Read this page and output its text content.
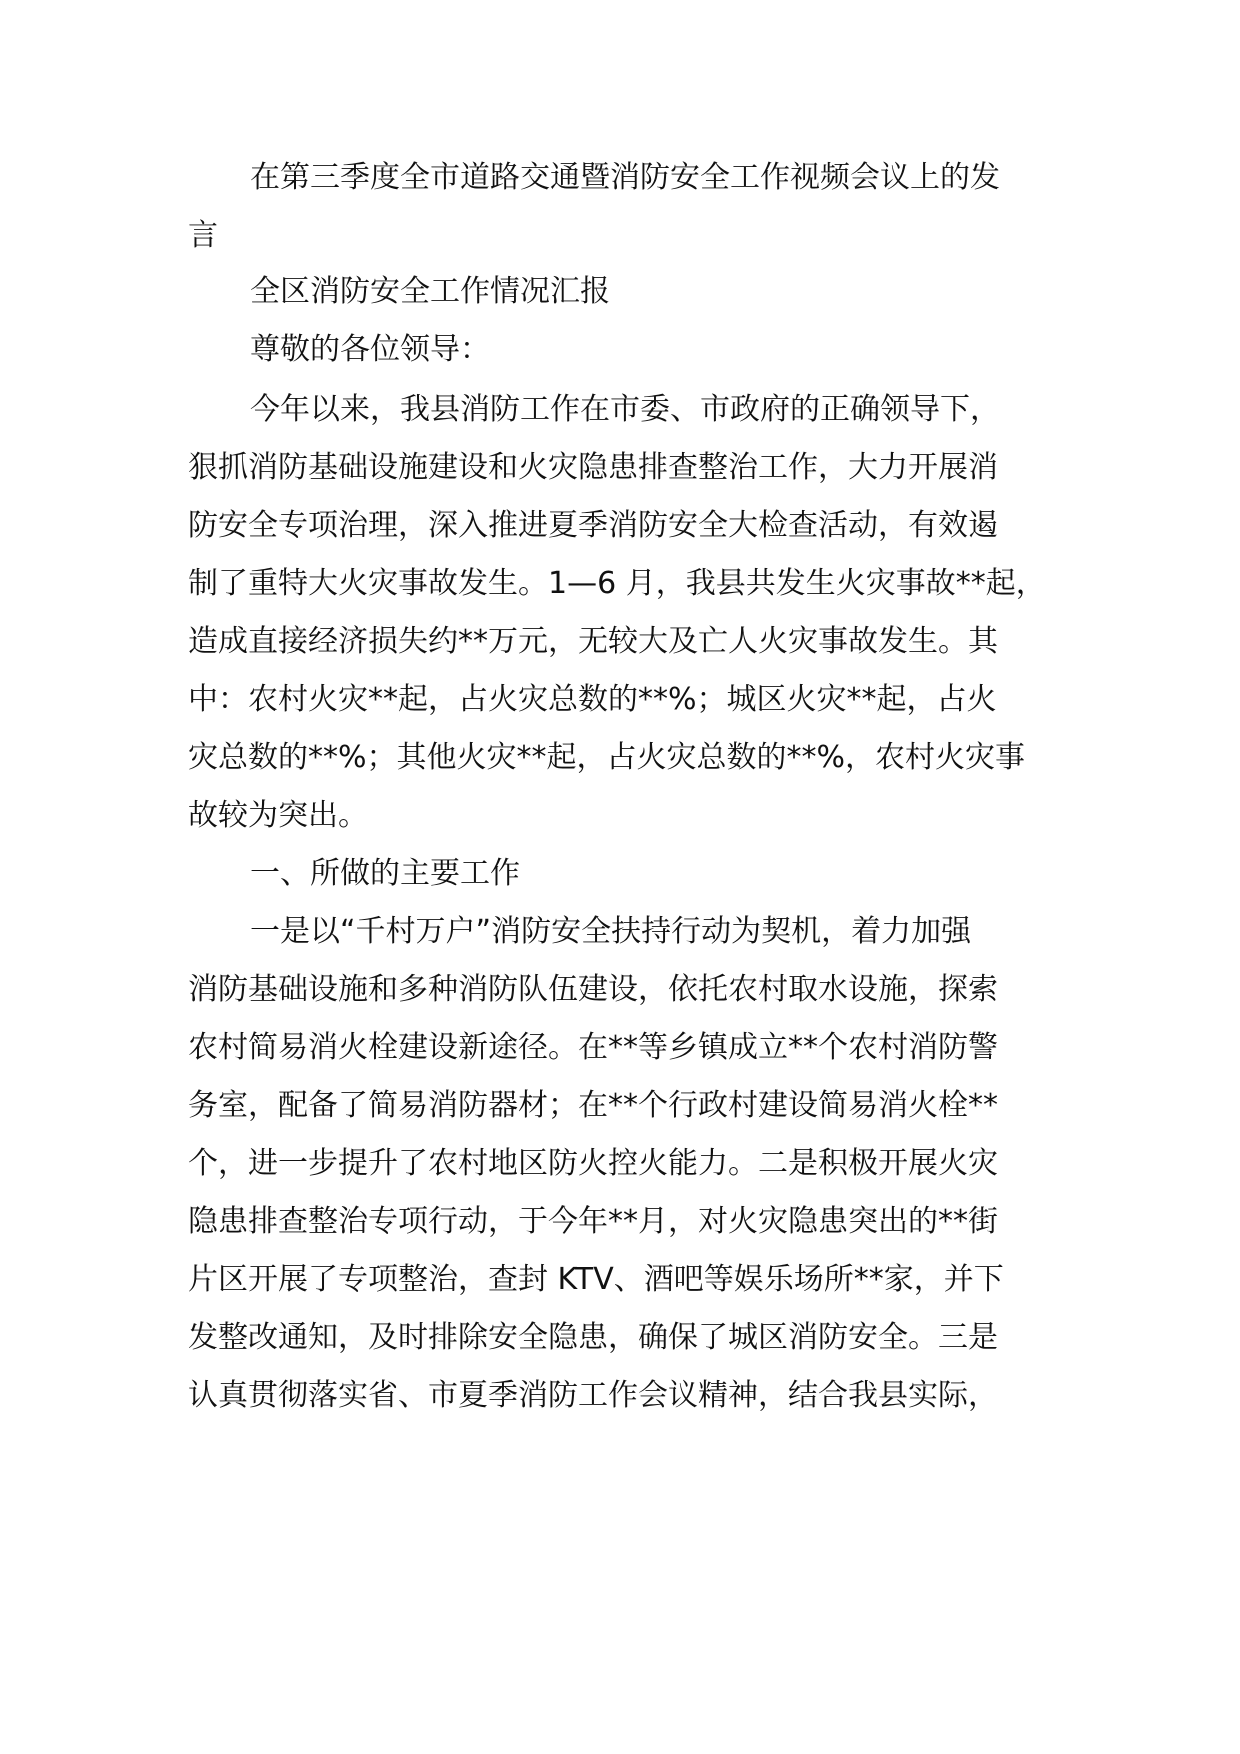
在第三季度全市道路交通暨消防安全工作视频会议上的发
言
全区消防安全工作情况汇报
尊敬的各位领导：
今年以来，我县消防工作在市委、市政府的正确领导下，
狠抓消防基础设施建设和火灾隐患排查整治工作，大力开展消
防安全专项治理，深入推进夏季消防安全大检查活动，有效遏
制了重特大火灾事故发生。1—6 月，我县共发生火灾事故**起，
造成直接经济损失约**万元，无较大及亡人火灾事故发生。其
中：农村火灾**起，占火灾总数的**%；城区火灾**起，占火
灾总数的**%；其他火灾**起，占火灾总数的**%，农村火灾事
故较为突出。
一、所做的主要工作
一是以“千村万户”消防安全扶持行动为契机，着力加强
消防基础设施和多种消防队伍建设，依托农村取水设施，探索
农村简易消火栓建设新途径。在**等乡镇成立**个农村消防警
务室，配备了简易消防器材；在**个行政村建设简易消火栓**
个，进一步提升了农村地区防火控火能力。二是积极开展火灾
隐患排查整治专项行动，于今年**月，对火灾隐患突出的**街
片区开展了专项整治，查封 KTV、酒吧等娱乐场所**家，并下
发整改通知，及时排除安全隐患，确保了城区消防安全。三是
认真贯彻落实省、市夏季消防工作会议精神，结合我县实际，
